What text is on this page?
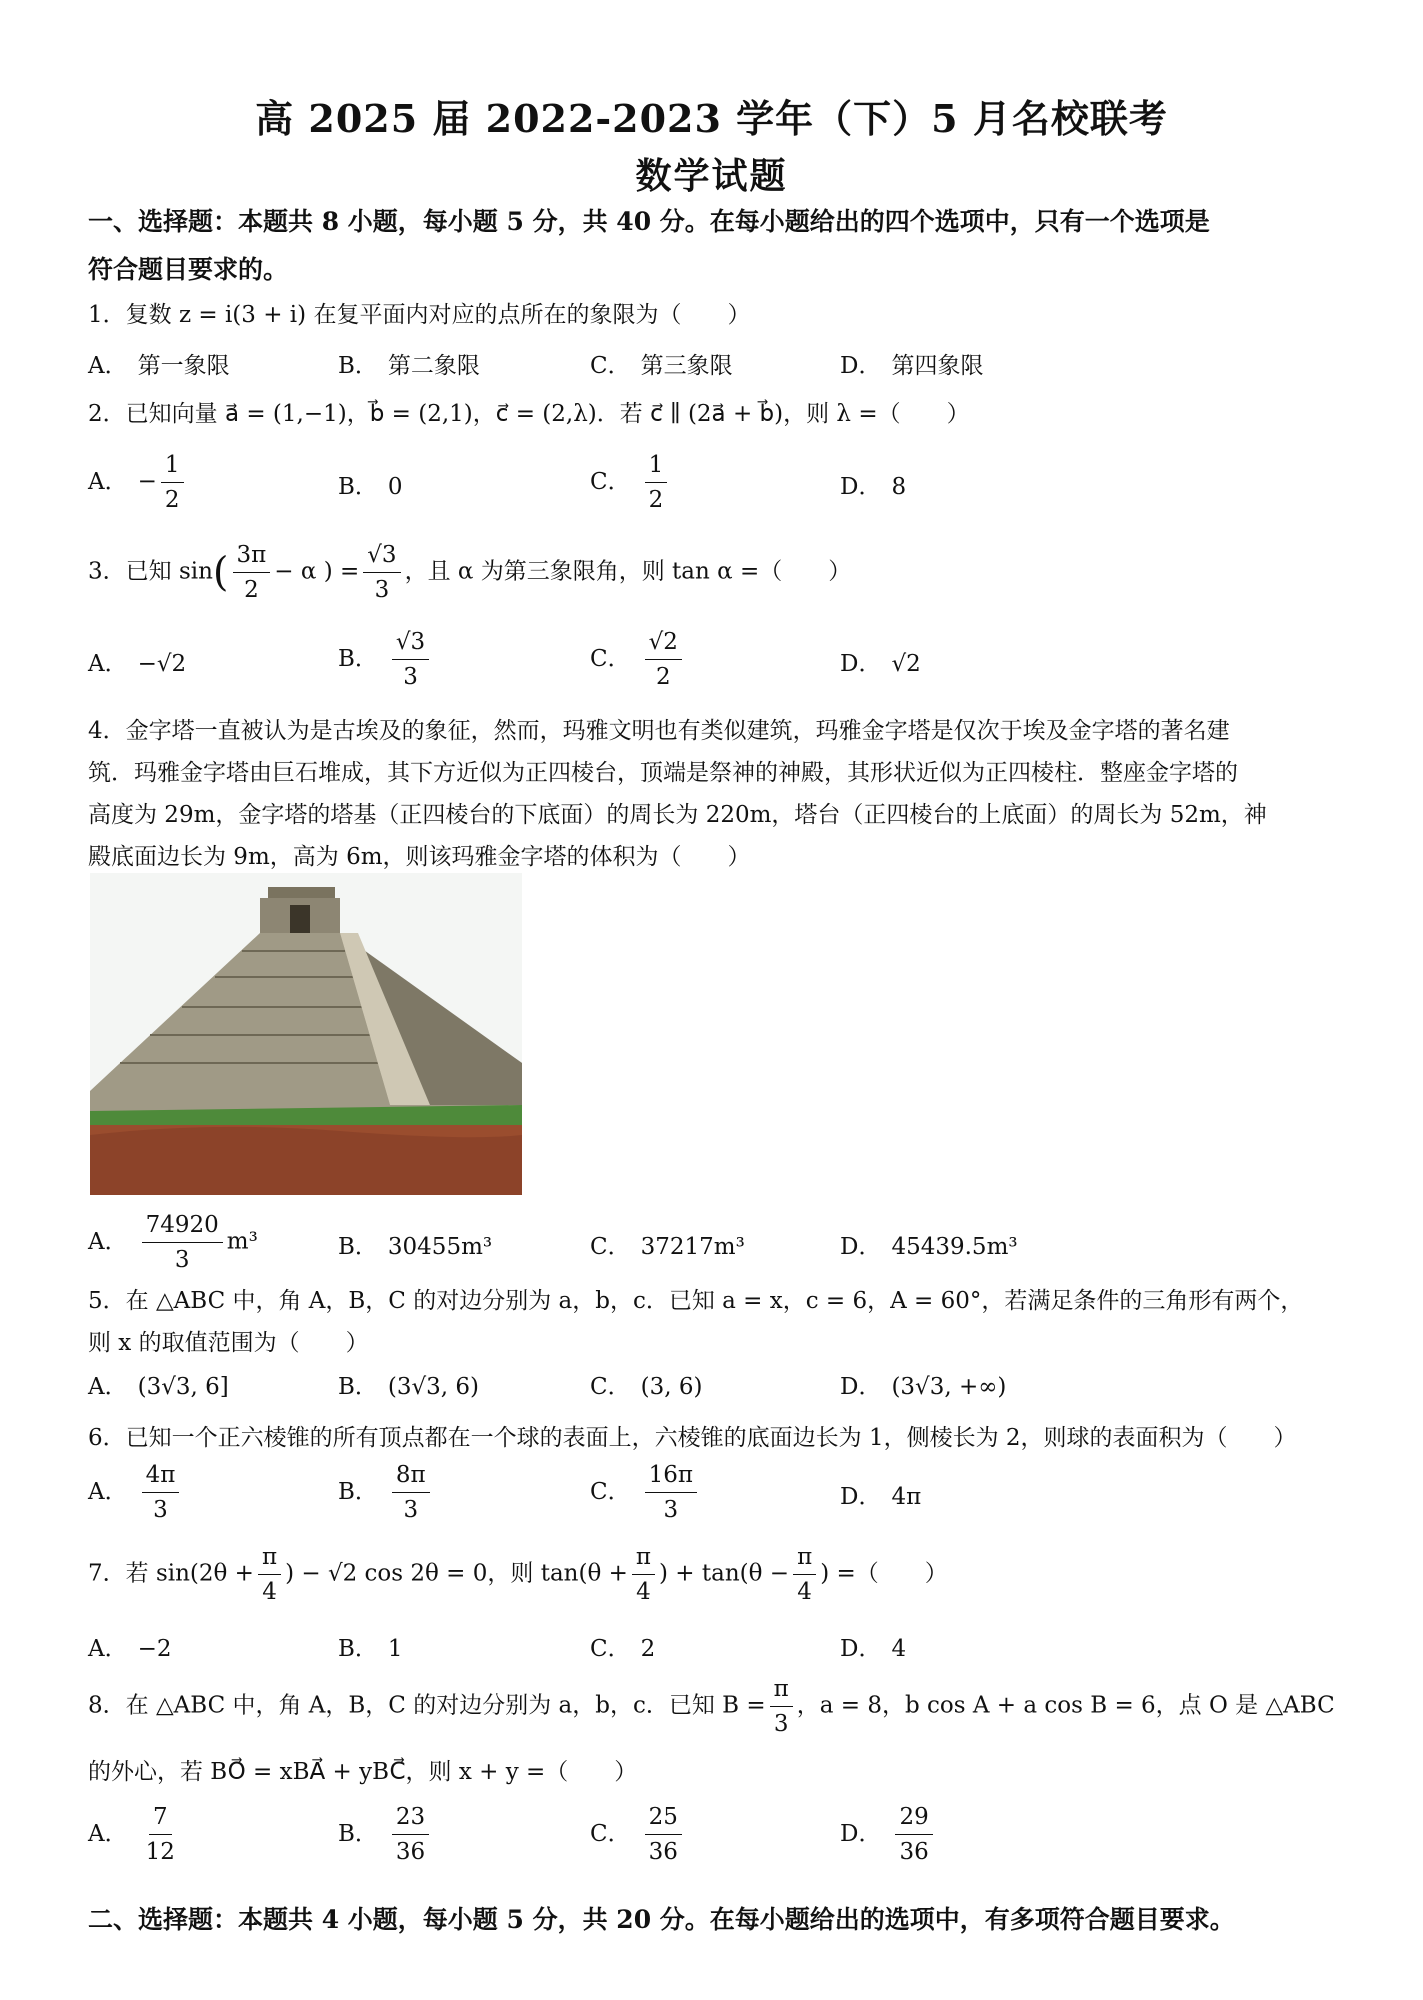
高 2025 届 2022-2023 学年（下）5 月名校联考
数学试题
一、选择题：本题共 8 小题，每小题 5 分，共 40 分。在每小题给出的四个选项中，只有一个选项是
符合题目要求的。
1．复数 z = i(3 + i) 在复平面内对应的点所在的象限为（　　）
A． 第一象限	B． 第二象限	C． 第三象限	D． 第四象限
2．已知向量 a⃗ = (1,−1)，b⃗ = (2,1)，c⃗ = (2,λ)．若 c⃗ ∥ (2a⃗ + b⃗)，则 λ =（　　）
A． − $\frac{1}{2}$	B． 0	C． $\frac{1}{2}$	D． 8
3．已知 $\sin( \frac{3\pi}{2} - \alpha$ ) = $\frac{√3}{3}$ ，且 α 为第三象限角，则 tan α =（　　）
A． −√2	B． $\frac{√3}{3}$	C． $\frac{√2}{2}$	D． √2
4．金字塔一直被认为是古埃及的象征，然而，玛雅文明也有类似建筑，玛雅金字塔是仅次于埃及金字塔的著名建
筑．玛雅金字塔由巨石堆成，其下方近似为正四棱台，顶端是祭神的神殿，其形状近似为正四棱柱．整座金字塔的
高度为 29m，金字塔的塔基（正四棱台的下底面）的周长为 220m，塔台（正四棱台的上底面）的周长为 52m，神
殿底面边长为 9m，高为 6m，则该玛雅金字塔的体积为（　　）
A． $\frac{74920}{3} m^3$	B． 30455m³	C． 37217m³	D． 45439.5m³
5．在 △ABC 中，角 A，B，C 的对边分别为 a，b，c．已知 a = x，c = 6，A = 60°，若满足条件的三角形有两个，
则 x 的取值范围为（　　）
A． (3√3, 6]	B． (3√3, 6)	C． (3, 6)	D． (3√3, +∞)
6．已知一个正六棱锥的所有顶点都在一个球的表面上，六棱锥的底面边长为 1，侧棱长为 2，则球的表面积为（　　）
A． $\frac{4\pi}{3}$	B． $\frac{8\pi}{3}$	C． $\frac{16\pi}{3}$	D． 4π
7．若 $\sin(2\theta + \frac{\pi}{4}$ ) − √2 cos 2θ = 0，则 $\tan(\theta + \frac{\pi}{4}$ ) + $\tan(\theta - \frac{\pi}{4}$ ) =（　　）
A． −2	B． 1	C． 2	D． 4
8．在 △ABC 中，角 A，B，C 的对边分别为 a，b，c．已知 $B = \frac{\pi}{3}$ ，a = 8，b cos A + a cos B = 6，点 O 是 △ABC
的外心，若 BO⃗ = xBA⃗ + yBC⃗，则 x + y =（　　）
A． $\frac{7}{12}$	B． $\frac{23}{36}$	C． $\frac{25}{36}$	D． $\frac{29}{36}$
二、选择题：本题共 4 小题，每小题 5 分，共 20 分。在每小题给出的选项中，有多项符合题目要求。
